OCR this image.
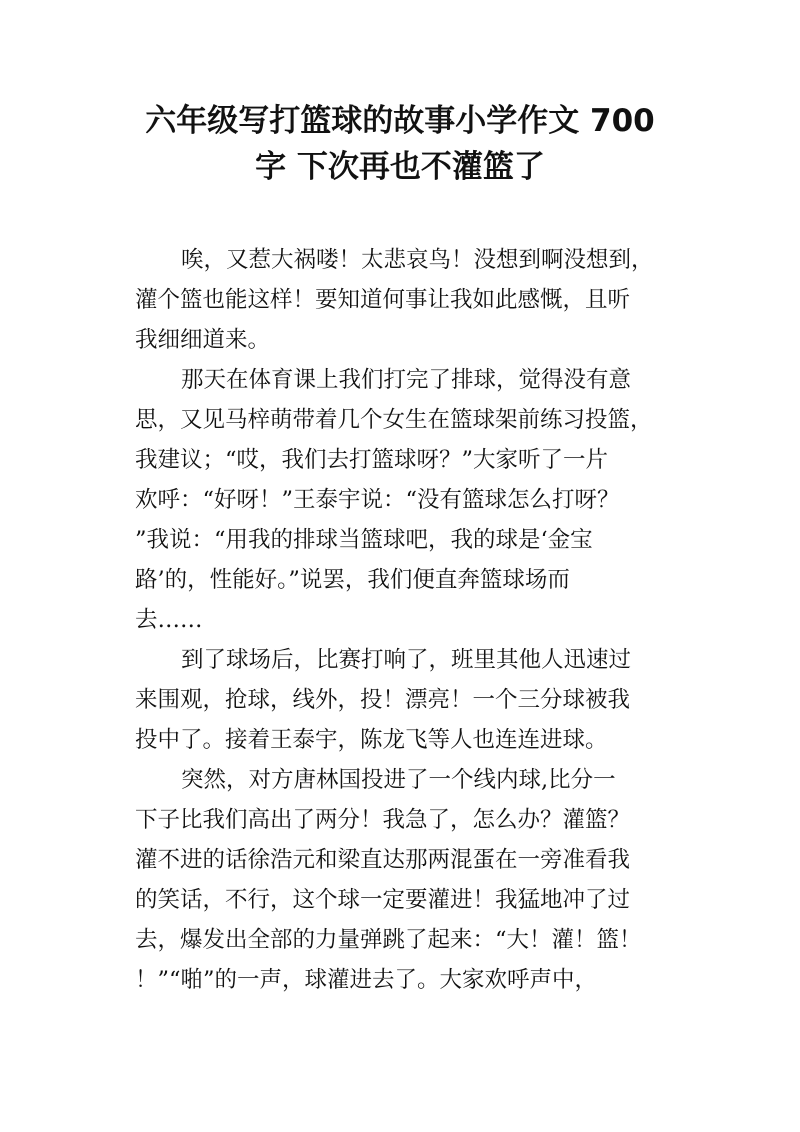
六年级写打篮球的故事小学作文 700
字 下次再也不灌篮了
唉，又惹大祸喽！太悲哀鸟！没想到啊没想到，
灌个篮也能这样！要知道何事让我如此感慨，且听
我细细道来。
那天在体育课上我们打完了排球，觉得没有意
思，又见马梓萌带着几个女生在篮球架前练习投篮，
我建议；“哎，我们去打篮球呀？”大家听了一片
欢呼：“好呀！”王泰宇说：“没有篮球怎么打呀？
”我说：“用我的排球当篮球吧，我的球是‘金宝
路’的，性能好。”说罢，我们便直奔篮球场而
去……
到了球场后，比赛打响了，班里其他人迅速过
来围观，抢球，线外，投！漂亮！一个三分球被我
投中了。接着王泰宇，陈龙飞等人也连连进球。
突然，对方唐林国投进了一个线内球,比分一
下子比我们高出了两分！我急了，怎么办？灌篮？
灌不进的话徐浩元和梁直达那两混蛋在一旁准看我
的笑话，不行，这个球一定要灌进！我猛地冲了过
去，爆发出全部的力量弹跳了起来：“大！灌！篮！
！”“啪”的一声，球灌进去了。大家欢呼声中，
